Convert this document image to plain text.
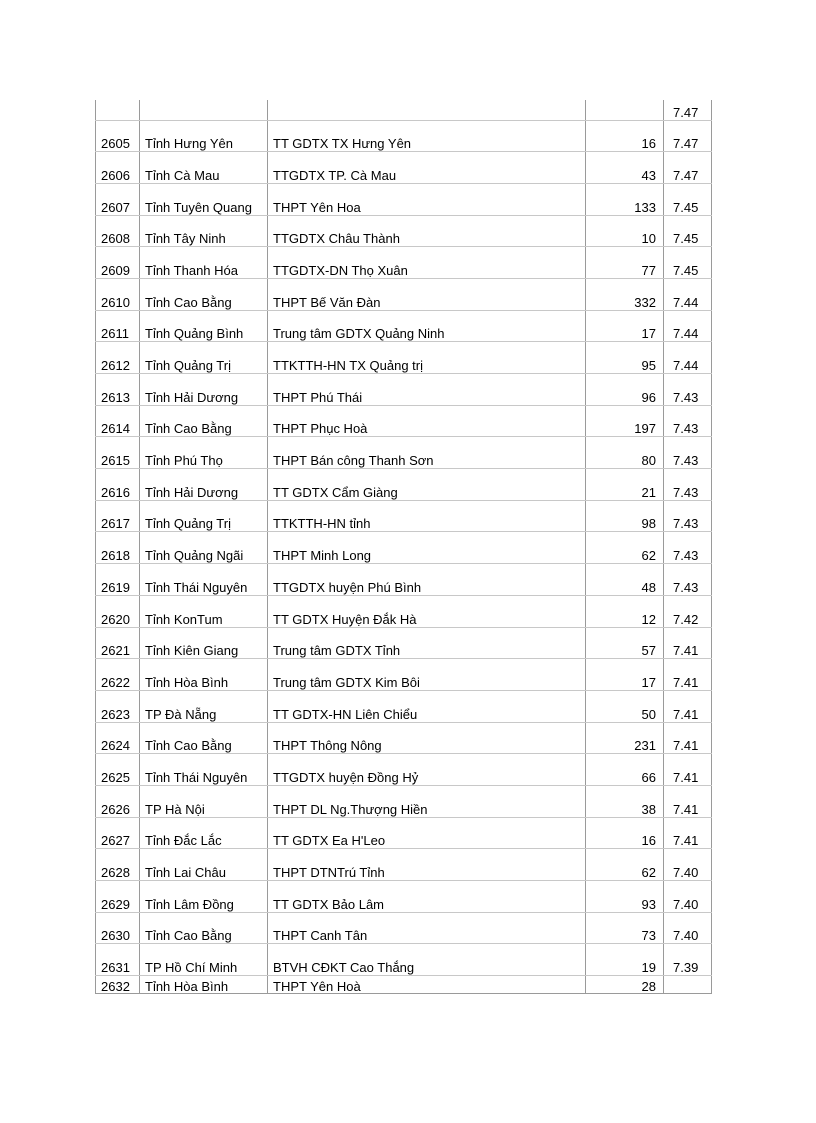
				7.47
2605	Tỉnh Hưng Yên	TT GDTX TX Hưng Yên	16	7.47
2606	Tỉnh Cà Mau	TTGDTX TP. Cà Mau	43	7.47
2607	Tỉnh Tuyên Quang	THPT Yên Hoa	133	7.45
2608	Tỉnh Tây Ninh	TTGDTX Châu Thành	10	7.45
2609	Tỉnh Thanh Hóa	TTGDTX-DN Thọ Xuân	77	7.45
2610	Tỉnh Cao Bằng	THPT Bế Văn Đàn	332	7.44
2611	Tỉnh Quảng Bình	Trung tâm GDTX Quảng Ninh	17	7.44
2612	Tỉnh Quảng Trị	TTKTTH-HN TX Quảng trị	95	7.44
2613	Tỉnh Hải Dương	THPT Phú Thái	96	7.43
2614	Tỉnh Cao Bằng	THPT Phục Hoà	197	7.43
2615	Tỉnh Phú Thọ	THPT Bán công Thanh Sơn	80	7.43
2616	Tỉnh Hải Dương	TT GDTX Cẩm Giàng	21	7.43
2617	Tỉnh Quảng Trị	TTKTTH-HN tỉnh	98	7.43
2618	Tỉnh Quảng Ngãi	THPT Minh Long	62	7.43
2619	Tỉnh Thái Nguyên	TTGDTX huyện Phú Bình	48	7.43
2620	Tỉnh KonTum	TT GDTX Huyện Đắk Hà	12	7.42
2621	Tỉnh Kiên Giang	Trung tâm GDTX Tỉnh	57	7.41
2622	Tỉnh Hòa Bình	Trung tâm GDTX Kim Bôi	17	7.41
2623	TP Đà Nẵng	TT GDTX-HN Liên Chiểu	50	7.41
2624	Tỉnh Cao Bằng	THPT Thông Nông	231	7.41
2625	Tỉnh Thái Nguyên	TTGDTX huyện Đồng Hỷ	66	7.41
2626	TP Hà Nội	THPT DL Ng.Thượng Hiền	38	7.41
2627	Tỉnh Đắc Lắc	TT GDTX Ea H'Leo	16	7.41
2628	Tỉnh Lai Châu	THPT DTNTrú Tỉnh	62	7.40
2629	Tỉnh Lâm Đồng	TT GDTX Bảo Lâm	93	7.40
2630	Tỉnh Cao Bằng	THPT Canh Tân	73	7.40
2631	TP Hồ Chí Minh	BTVH CĐKT Cao Thắng	19	7.39
2632	Tỉnh Hòa Bình	THPT Yên Hoà	28	
